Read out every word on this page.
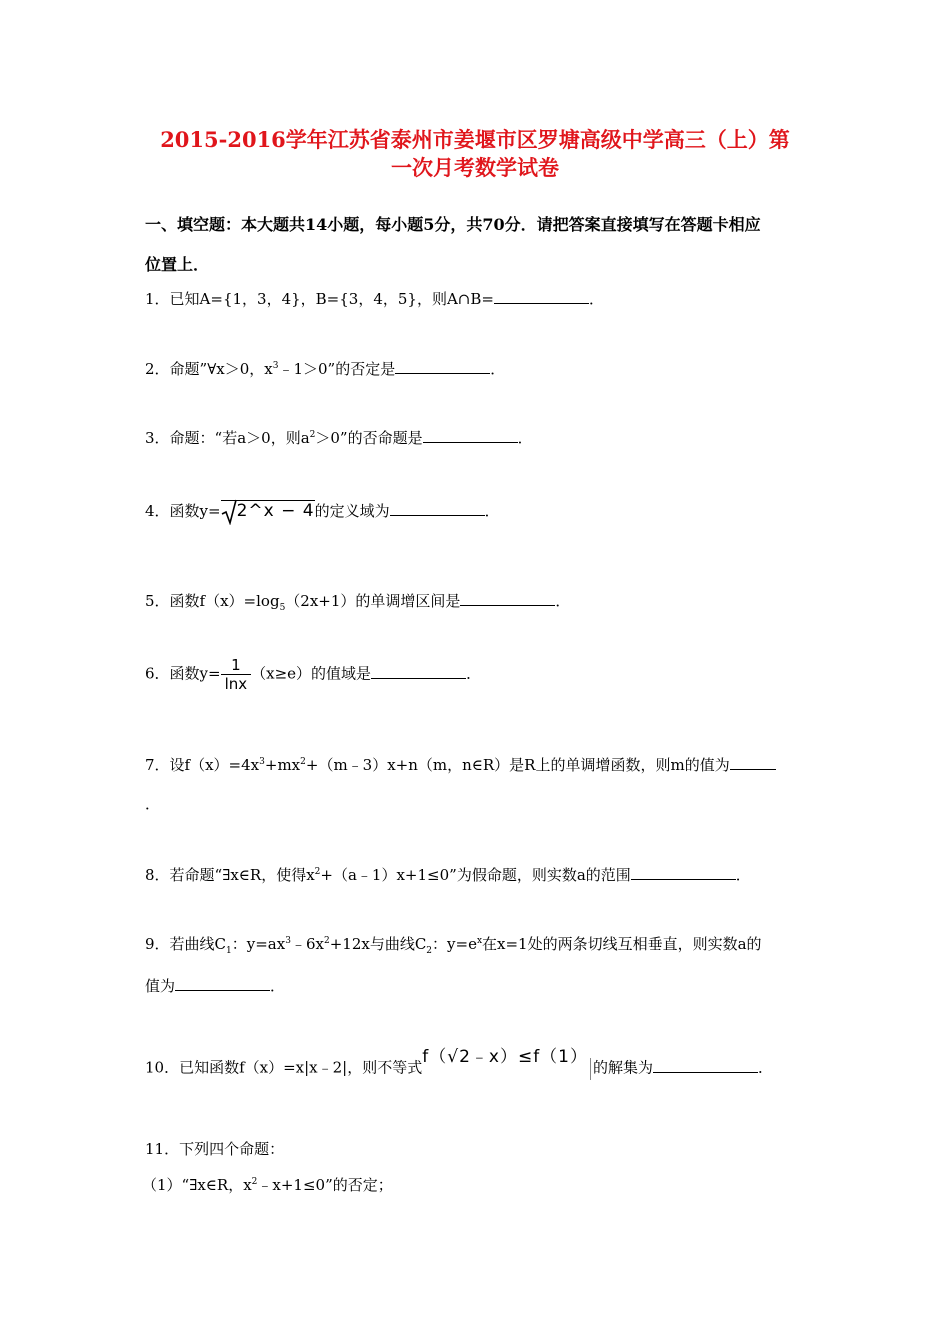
2015-2016学年江苏省泰州市姜堰市区罗塘高级中学高三（上）第
一次月考数学试卷
一、填空题：本大题共14小题，每小题5分，共70分．请把答案直接填写在答题卡相应
位置上．
1．已知A={1，3，4}，B={3，4，5}，则A∩B=	．
2．命题”∀x＞0，$x^3﹣1>0$”的否定是	．
3．命题：“若a＞0，则$a^2>0$”的否命题是	．
4．函数y= 2^x − 4的定义域为	．
5．函数$f(x)=\log_5(2x+1)$的单调增区间是	．
6．函数$y= \frac{1}{\ln x} (x\ge e)$的值域是	．
7．设$f(x)=4x^3+mx^2+(m﹣3)x+n(m$，n∈R）是R上的单调增函数，则m的值为
．
8．若命题“∃x∈R，使得$x^2+(a﹣1)x+1\le 0$”为假命题，则实数a的范围	．
9．若曲线$C_1$：$y=ax^3﹣6x^2+12x$与曲线$C_2$：$y=e^x$在x=1处的两条切线互相垂直，则实数a的
值为	．
10．已知函数f（x）=x|x﹣2|，则不等式f（√2﹣x）≤f（1）的解集为	．
11．下列四个命题：
（1）“∃x∈R，$x^2﹣x+1\le 0$”的否定；
